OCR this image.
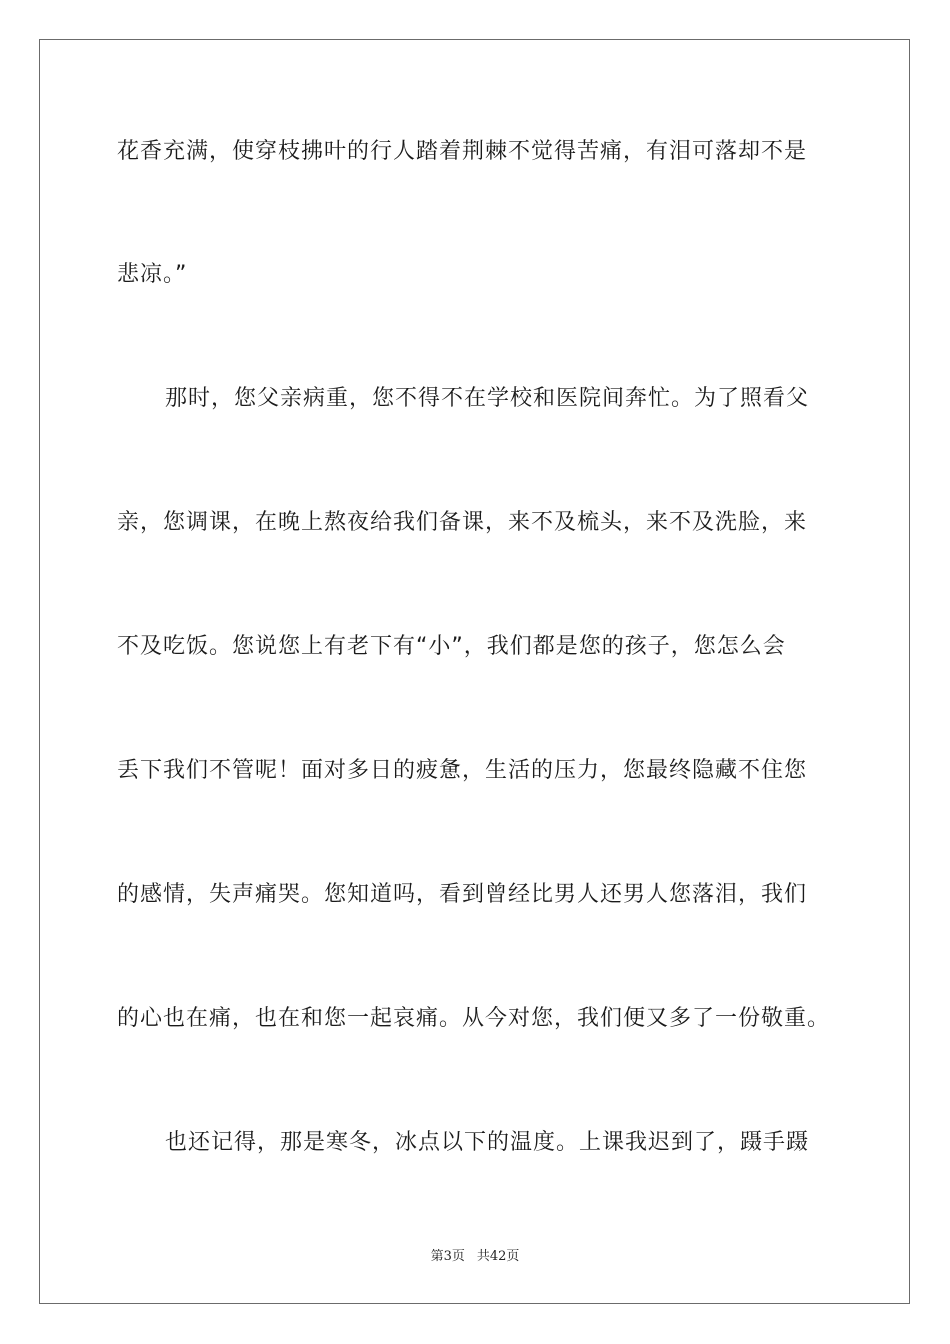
花香充满，使穿枝拂叶的行人踏着荆棘不觉得苦痛，有泪可落却不是
悲凉。”
那时，您父亲病重，您不得不在学校和医院间奔忙。为了照看父
亲，您调课，在晚上熬夜给我们备课，来不及梳头，来不及洗脸，来
不及吃饭。您说您上有老下有“小”，我们都是您的孩子，您怎么会
丢下我们不管呢！面对多日的疲惫，生活的压力，您最终隐藏不住您
的感情，失声痛哭。您知道吗，看到曾经比男人还男人您落泪，我们
的心也在痛，也在和您一起哀痛。从今对您，我们便又多了一份敬重。
也还记得，那是寒冬，冰点以下的温度。上课我迟到了，蹑手蹑
第3页 共42页
